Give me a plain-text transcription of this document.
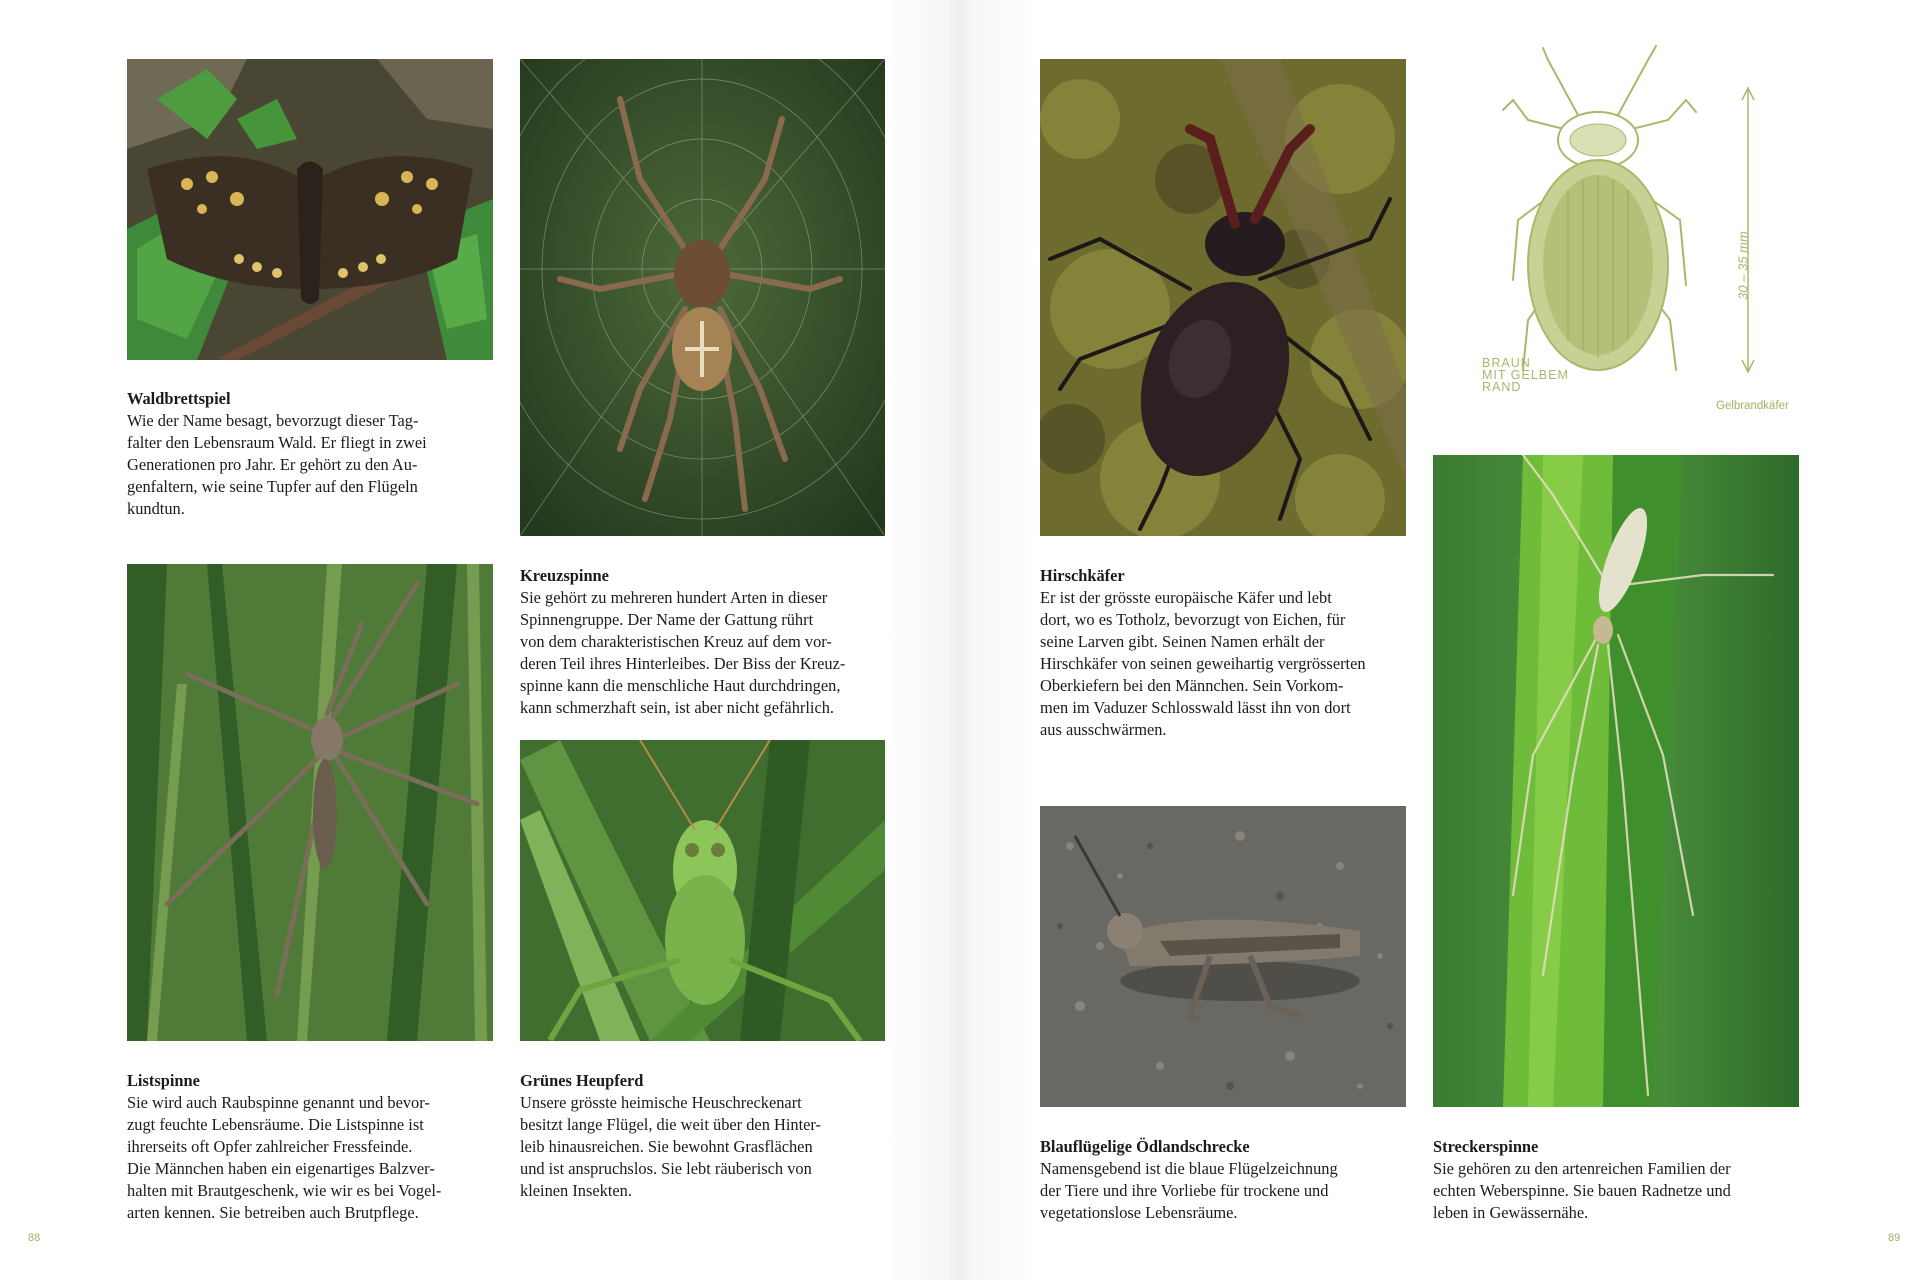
Waldbrettspiel
Wie der Name besagt, bevorzugt dieser Tag-
falter den Lebensraum Wald. Er fliegt in zwei
Generationen pro Jahr. Er gehört zu den Au-
genfaltern, wie seine Tupfer auf den Flügeln
kundtun.
Kreuzspinne
Sie gehört zu mehreren hundert Arten in dieser
Spinnengruppe. Der Name der Gattung rührt
von dem charakteristischen Kreuz auf dem vor-
deren Teil ihres Hinterleibes. Der Biss der Kreuz-
spinne kann die menschliche Haut durchdringen,
kann schmerzhaft sein, ist aber nicht gefährlich.
Listspinne
Sie wird auch Raubspinne genannt und bevor-
zugt feuchte Lebensräume. Die Listspinne ist
ihrerseits oft Opfer zahlreicher Fressfeinde.
Die Männchen haben ein eigenartiges Balzver-
halten mit Brautgeschenk, wie wir es bei Vogel-
arten kennen. Sie betreiben auch Brutpflege.
Grünes Heupferd
Unsere grösste heimische Heuschreckenart
besitzt lange Flügel, die weit über den Hinter-
leib hinausreichen. Sie bewohnt Grasflächen
und ist anspruchslos. Sie lebt räuberisch von
kleinen Insekten.
88
Hirschkäfer
Er ist der grösste europäische Käfer und lebt
dort, wo es Totholz, bevorzugt von Eichen, für
seine Larven gibt. Seinen Namen erhält der
Hirschkäfer von seinen geweihartig vergrösserten
Oberkiefern bei den Männchen. Sein Vorkom-
men im Vaduzer Schlosswald lässt ihn von dort
aus ausschwärmen.
Blauflügelige Ödlandschrecke
Namensgebend ist die blaue Flügelzeichnung
der Tiere und ihre Vorliebe für trockene und
vegetationslose Lebensräume.
BRAUN
MIT GELBEM
RAND
30 – 35 mm
Gelbrandkäfer
Streckerspinne
Sie gehören zu den artenreichen Familien der
echten Weberspinne. Sie bauen Radnetze und
leben in Gewässernähe.
89
